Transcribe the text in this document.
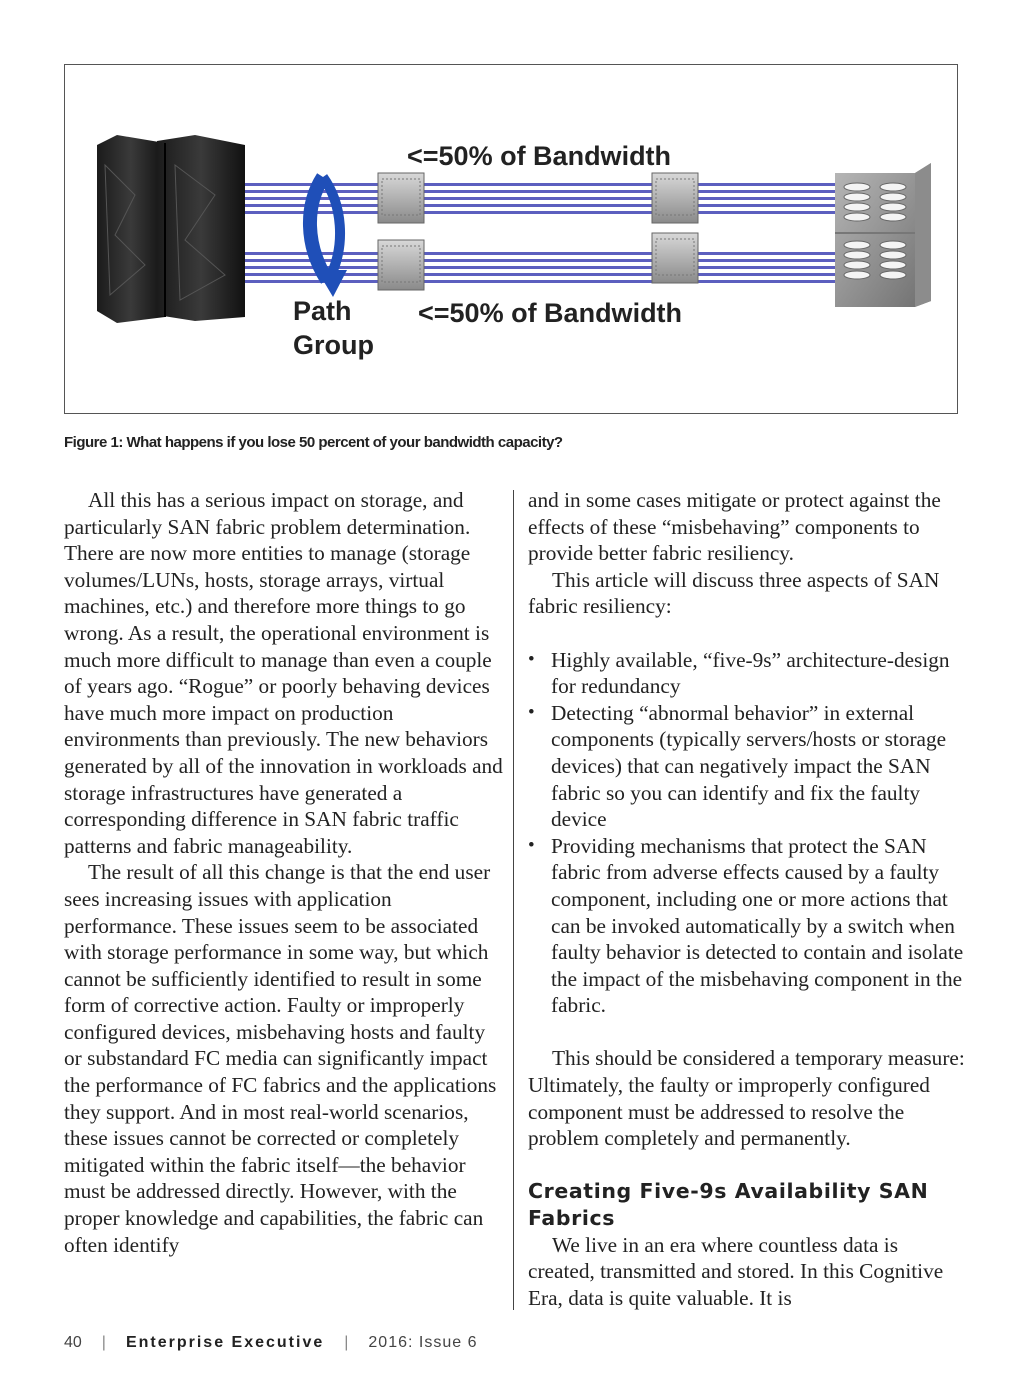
<=50% of Bandwidth
<=50% of Bandwidth
Path
Group
Figure 1: What happens if you lose 50 percent of your bandwidth capacity?

All this has a serious impact on storage, and particularly SAN fabric problem determination. There are now more entities to manage (storage volumes/LUNs, hosts, storage arrays, virtual machines, etc.) and therefore more things to go wrong. As a result, the operational environment is much more difficult to manage than even a couple of years ago. “Rogue” or poorly behaving devices have much more impact on production environments than previously. The new behaviors generated by all of the innovation in workloads and storage infrastructures have generated a corresponding difference in SAN fabric traffic patterns and fabric manageability.

The result of all this change is that the end user sees increasing issues with application performance. These issues seem to be associated with storage performance in some way, but which cannot be sufficiently identified to result in some form of corrective action. Faulty or improperly configured devices, misbehaving hosts and faulty or substandard FC media can significantly impact the performance of FC fabrics and the applications they support. And in most real-world scenarios, these issues cannot be corrected or completely mitigated within the fabric itself—the behavior must be addressed directly. However, with the proper knowledge and capabilities, the fabric can often identify

and in some cases mitigate or protect against the effects of these “misbehaving” components to provide better fabric resiliency.

This article will discuss three aspects of SAN fabric resiliency:

• Highly available, “five-9s” architecture-design for redundancy
• Detecting “abnormal behavior” in external components (typically servers/hosts or storage devices) that can negatively impact the SAN fabric so you can identify and fix the faulty device
• Providing mechanisms that protect the SAN fabric from adverse effects caused by a faulty component, including one or more actions that can be invoked automatically by a switch when faulty behavior is detected to contain and isolate the impact of the misbehaving component in the fabric.

This should be considered a temporary measure: Ultimately, the faulty or improperly configured component must be addressed to resolve the problem completely and permanently.

Creating Five-9s Availability SAN Fabrics

We live in an era where countless data is created, transmitted and stored. In this Cognitive Era, data is quite valuable. It is

40 | Enterprise Executive | 2016: Issue 6
